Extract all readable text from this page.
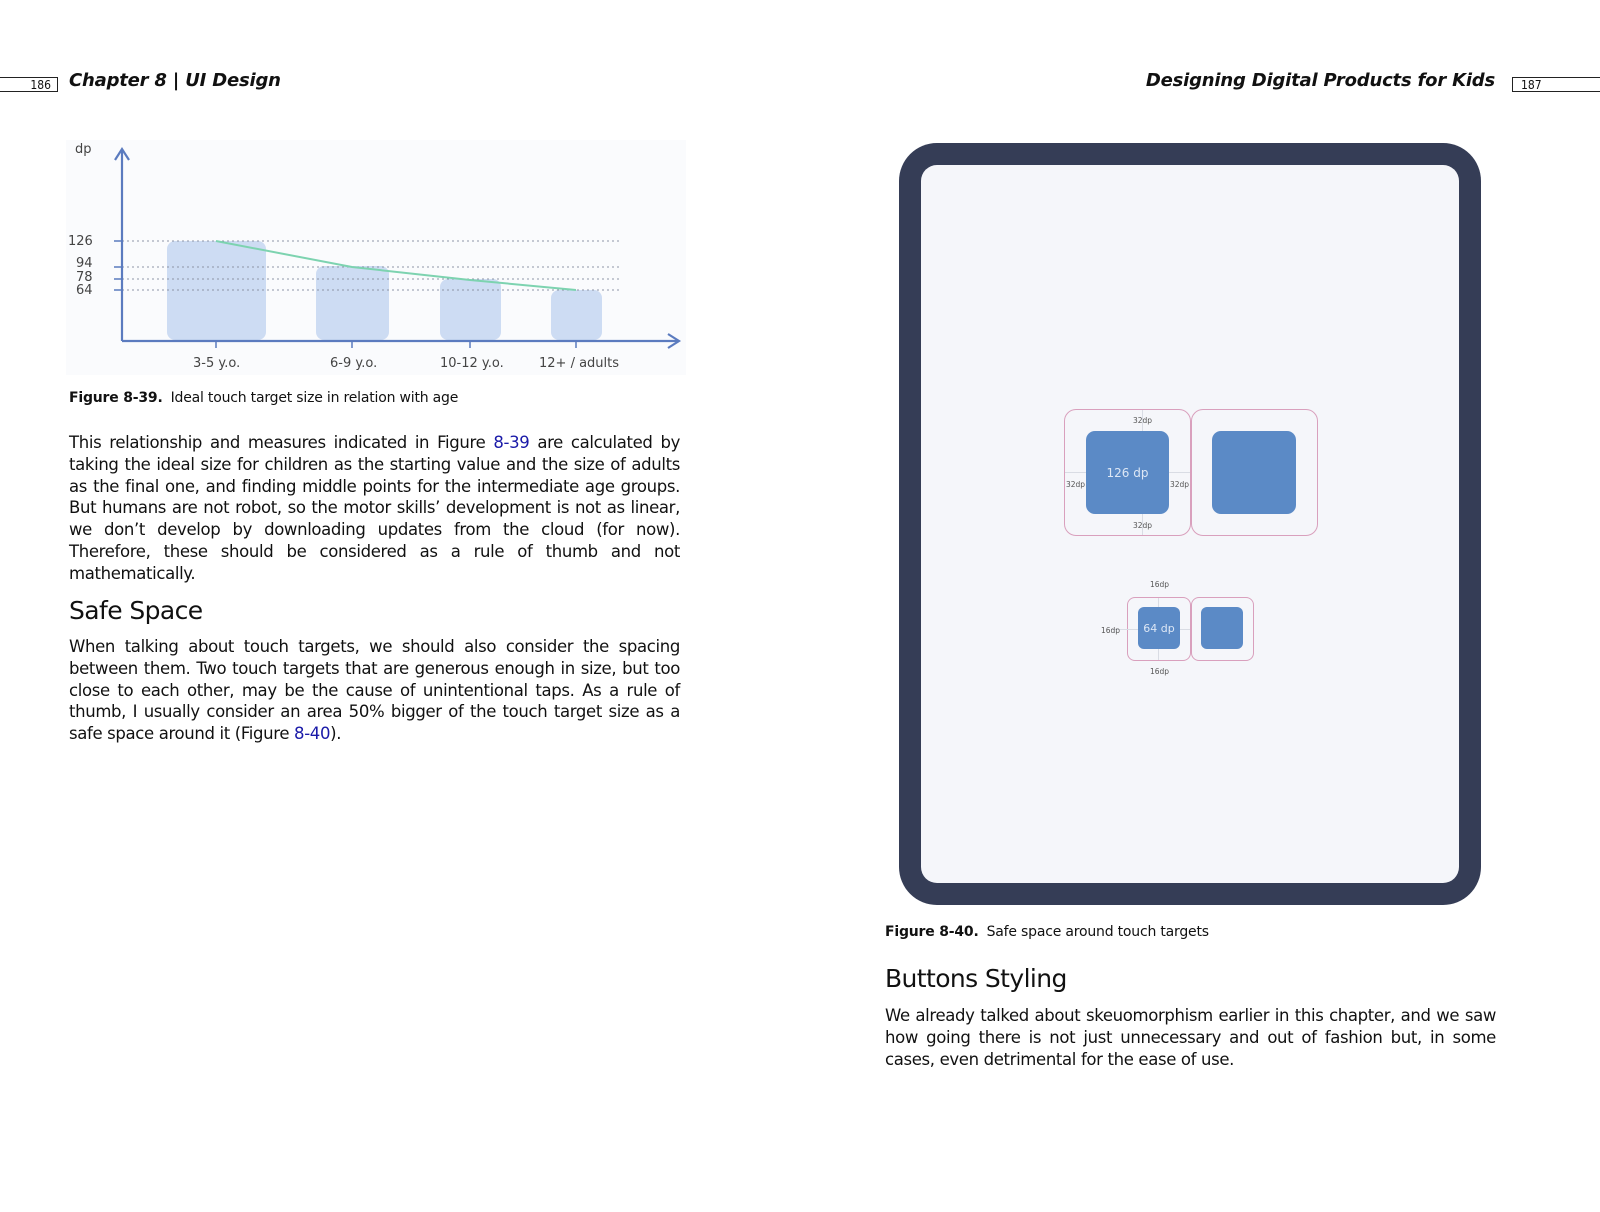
186	Chapter 8 | UI Design
dp
126
94
78
64
3-5 y.o.	6-9 y.o.	10-12 y.o.	12+ / adults
Figure 8-39. Ideal touch target size in relation with age
This relationship and measures indicated in Figure 8-39 are calculated by taking the ideal size for children as the starting value and the size of adults as the final one, and finding middle points for the intermediate age groups. But humans are not robot, so the motor skills’ development is not as linear, we don’t develop by downloading updates from the cloud (for now). Therefore, these should be considered as a rule of thumb and not mathematically.
Safe Space
When talking about touch targets, we should also consider the spacing between them. Two touch targets that are generous enough in size, but too close to each other, may be the cause of unintentional taps. As a rule of thumb, I usually consider an area 50% bigger of the touch target size as a safe space around it (Figure 8-40).
Designing Digital Products for Kids	187
126 dp
32dp
32dp
32dp	32dp
64 dp
16dp
16dp
16dp
Figure 8-40. Safe space around touch targets
Buttons Styling
We already talked about skeuomorphism earlier in this chapter, and we saw how going there is not just unnecessary and out of fashion but, in some cases, even detrimental for the ease of use.
